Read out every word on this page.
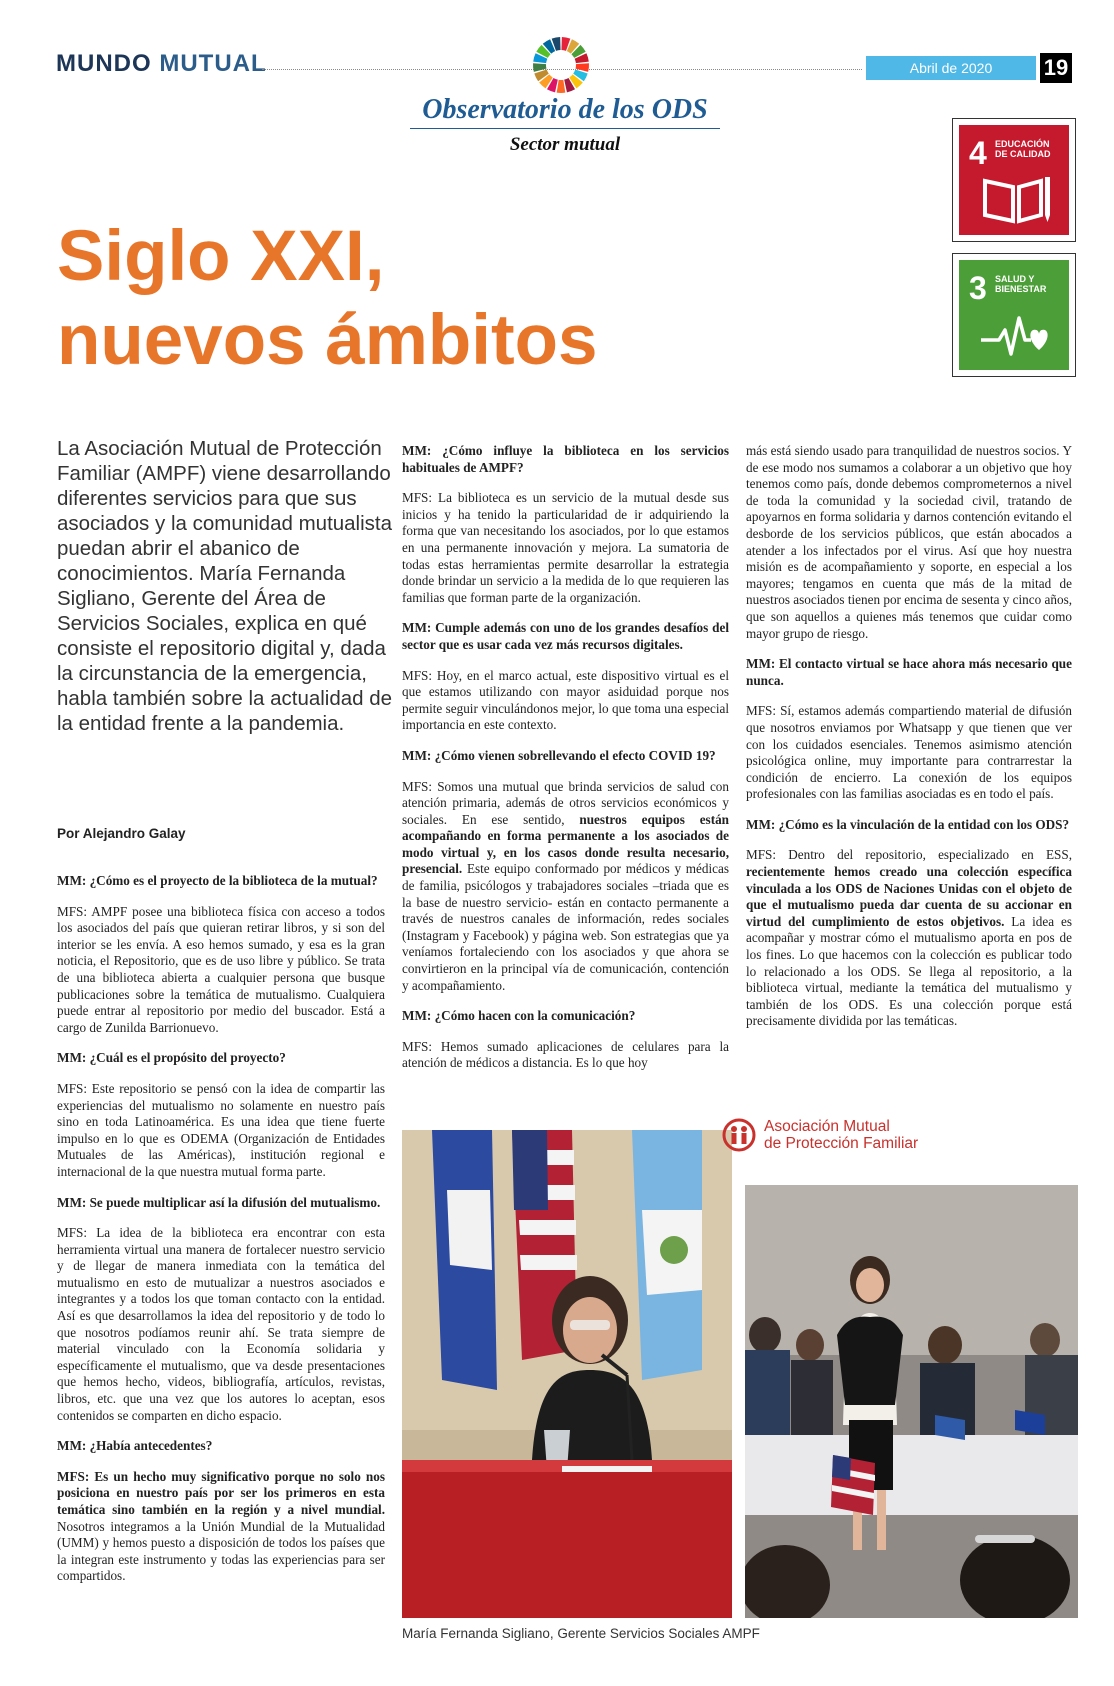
MUNDO MUTUAL	Abril de 2020	19
Observatorio de los ODS
Sector mutual	4 EDUCACIÓN DE CALIDAD
3 SALUD Y BIENESTAR
Siglo XXI,
nuevos ámbitos
La Asociación Mutual de Protección Familiar (AMPF) viene desarrollando diferentes servicios para que sus asociados y la comunidad mutualista puedan abrir el abanico de conocimientos. María Fernanda Sigliano, Gerente del Área de Servicios Sociales, explica en qué consiste el repositorio digital y, dada la circunstancia de la emergencia, habla también sobre la actualidad de la entidad frente a la pandemia.
Por Alejandro Galay

MM: ¿Cómo es el proyecto de la biblioteca de la mutual?

MFS: AMPF posee una biblioteca física con acceso a todos los asociados del país que quieran retirar libros, y si son del interior se les envía. A eso hemos sumado, y esa es la gran noticia, el Repositorio, que es de uso libre y público. Se trata de una biblioteca abierta a cualquier persona que busque publicaciones sobre la temática de mutualismo. Cualquiera puede entrar al repositorio por medio del buscador. Está a cargo de Zunilda Barrionuevo.

MM: ¿Cuál es el propósito del proyecto?

MFS: Este repositorio se pensó con la idea de compartir las experiencias del mutualismo no solamente en nuestro país sino en toda Latinoamérica. Es una idea que tiene fuerte impulso en lo que es ODEMA (Organización de Entidades Mutuales de las Américas), institución regional e internacional de la que nuestra mutual forma parte.

MM: Se puede multiplicar así la difusión del mutualismo.

MFS: La idea de la biblioteca era encontrar con esta herramienta virtual una manera de fortalecer nuestro servicio y de llegar de manera inmediata con la temática del mutualismo en esto de mutualizar a nuestros asociados e integrantes y a todos los que toman contacto con la entidad. Así es que desarrollamos la idea del repositorio y de todo lo que nosotros podíamos reunir ahí. Se trata siempre de material vinculado con la Economía solidaria y específicamente el mutualismo, que va desde presentaciones que hemos hecho, videos, bibliografía, artículos, revistas, libros, etc. que una vez que los autores lo aceptan, esos contenidos se comparten en dicho espacio.

MM: ¿Había antecedentes?

MFS: Es un hecho muy significativo porque no solo nos posiciona en nuestro país por ser los primeros en esta temática sino también en la región y a nivel mundial. Nosotros integramos a la Unión Mundial de la Mutualidad (UMM) y hemos puesto a disposición de todos los países que la integran este instrumento y todas las experiencias para ser compartidos.

MM: ¿Cómo influye la biblioteca en los servicios habituales de AMPF?

MFS: La biblioteca es un servicio de la mutual desde sus inicios y ha tenido la particularidad de ir adquiriendo la forma que van necesitando los asociados, por lo que estamos en una permanente innovación y mejora. La sumatoria de todas estas herramientas permite desarrollar la estrategia donde brindar un servicio a la medida de lo que requieren las familias que forman parte de la organización.

MM: Cumple además con uno de los grandes desafíos del sector que es usar cada vez más recursos digitales.

MFS: Hoy, en el marco actual, este dispositivo virtual es el que estamos utilizando con mayor asiduidad porque nos permite seguir vinculándonos mejor, lo que toma una especial importancia en este contexto.

MM: ¿Cómo vienen sobrellevando el efecto COVID 19?

MFS: Somos una mutual que brinda servicios de salud con atención primaria, además de otros servicios económicos y sociales. En ese sentido, nuestros equipos están acompañando en forma permanente a los asociados de modo virtual y, en los casos donde resulta necesario, presencial. Este equipo conformado por médicos y médicas de familia, psicólogos y trabajadores sociales –triada que es la base de nuestro servicio- están en contacto permanente a través de nuestros canales de información, redes sociales (Instagram y Facebook) y página web. Son estrategias que ya veníamos fortaleciendo con los asociados y que ahora se convirtieron en la principal vía de comunicación, contención y acompañamiento.

MM: ¿Cómo hacen con la comunicación?

MFS: Hemos sumado aplicaciones de celulares para la atención de médicos a distancia. Es lo que hoy

más está siendo usado para tranquilidad de nuestros socios. Y de ese modo nos sumamos a colaborar a un objetivo que hoy tenemos como país, donde debemos comprometernos a nivel de toda la comunidad y la sociedad civil, tratando de apoyarnos en forma solidaria y darnos contención evitando el desborde de los servicios públicos, que están abocados a atender a los infectados por el virus. Así que hoy nuestra misión es de acompañamiento y soporte, en especial a los mayores; tengamos en cuenta que más de la mitad de nuestros asociados tienen por encima de sesenta y cinco años, que son aquellos a quienes más tenemos que cuidar como mayor grupo de riesgo.

MM: El contacto virtual se hace ahora más necesario que nunca.

MFS: Sí, estamos además compartiendo material de difusión que nosotros enviamos por Whatsapp y que tienen que ver con los cuidados esenciales. Tenemos asimismo atención psicológica online, muy importante para contrarrestar la condición de encierro. La conexión de los equipos profesionales con las familias asociadas es en todo el país.

MM: ¿Cómo es la vinculación de la entidad con los ODS?

MFS: Dentro del repositorio, especializado en ESS, recientemente hemos creado una colección específica vinculada a los ODS de Naciones Unidas con el objeto de que el mutualismo pueda dar cuenta de su accionar en virtud del cumplimiento de estos objetivos. La idea es acompañar y mostrar cómo el mutualismo aporta en pos de los fines. Lo que hacemos con la colección es publicar todo lo relacionado a los ODS. Se llega al repositorio, a la biblioteca virtual, mediante la temática del mutualismo y también de los ODS. Es una colección porque está precisamente dividida por las temáticas.

Asociación Mutual
de Protección Familiar
María Fernanda Sigliano, Gerente Servicios Sociales AMPF
